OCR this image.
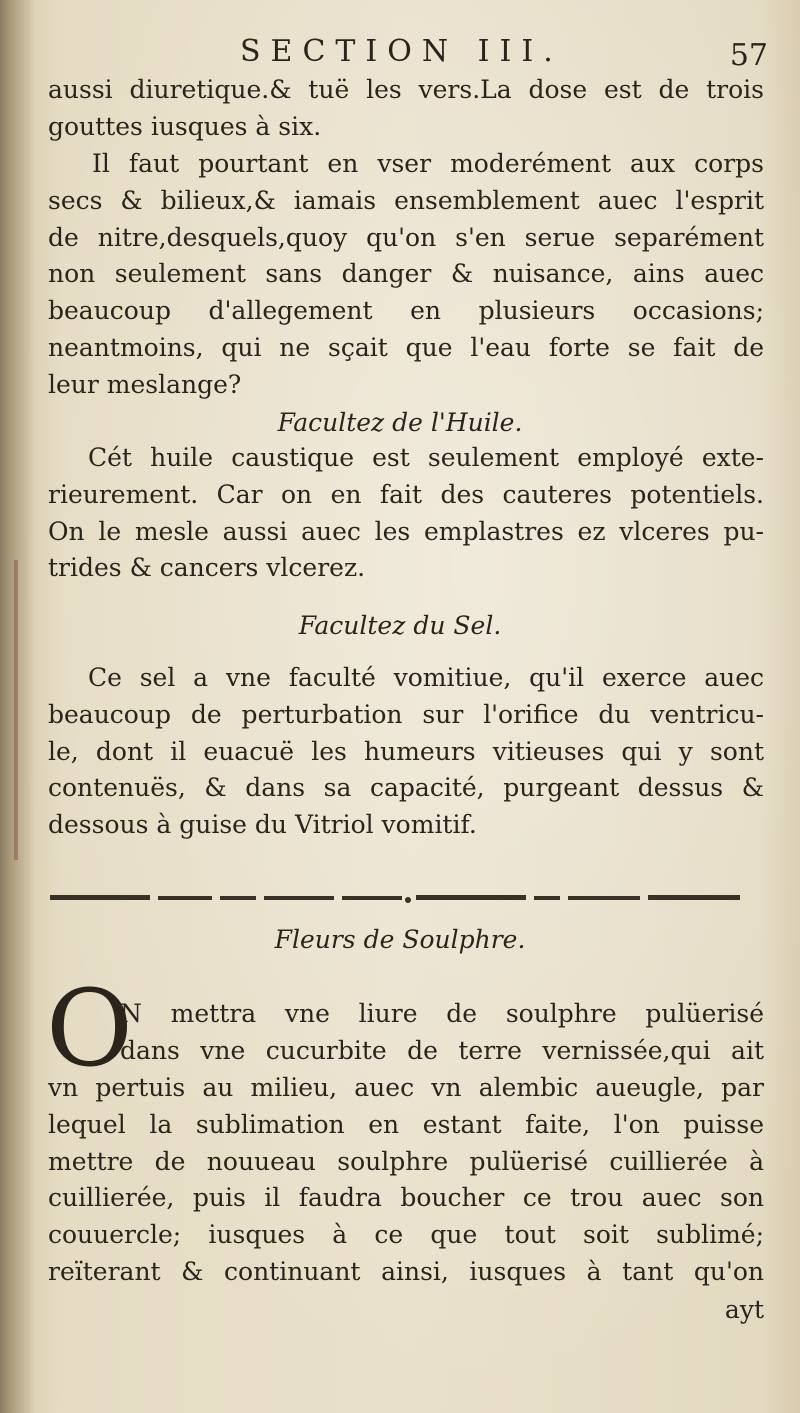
SECTION III.	57
aussi diuretique.& tuë les vers.La dose est de trois
gouttes iusques à six.
Il faut pourtant en vser moderément aux corps
secs & bilieux,& iamais ensemblement auec l'esprit
de nitre,desquels,quoy qu'on s'en serue separément
non seulement sans danger & nuisance, ains auec
beaucoup d'allegement en plusieurs occasions;
neantmoins, qui ne sçait que l'eau forte se fait de
leur meslange?
Facultez de l'Huile.
Cét huile caustique est seulement employé exte-
rieurement. Car on en fait des cauteres potentiels.
On le mesle aussi auec les emplastres ez vlceres pu-
trides & cancers vlcerez.
Facultez du Sel.
Ce sel a vne faculté vomitiue, qu'il exerce auec
beaucoup de perturbation sur l'orifice du ventricu-
le, dont il euacuë les humeurs vitieuses qui y sont
contenuës, & dans sa capacité, purgeant dessus &
dessous à guise du Vitriol vomitif.
Fleurs de Soulphre.
O
N mettra vne liure de soulphre pulüerisé
dans vne cucurbite de terre vernissée,qui ait
vn pertuis au milieu, auec vn alembic aueugle, par
lequel la sublimation en estant faite, l'on puisse
mettre de nouueau soulphre pulüerisé cuillierée à
cuillierée, puis il faudra boucher ce trou auec son
couuercle; iusques à ce que tout soit sublimé;
reïterant & continuant ainsi, iusques à tant qu'on
ayt
